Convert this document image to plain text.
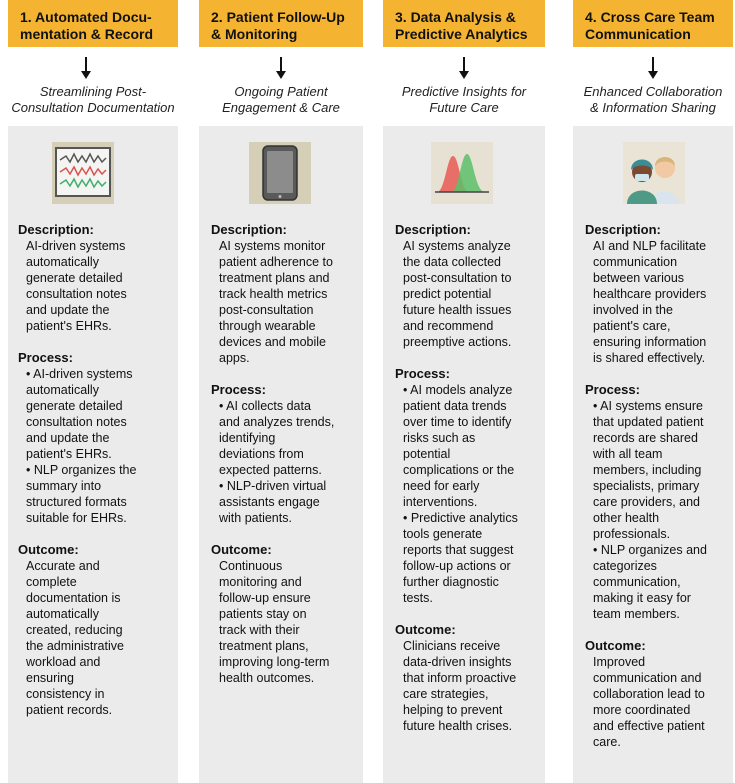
1. Automated Docu-
mentation & Record
Streamlining Post-
Consultation Documentation
Description:
AI-driven systems
automatically
generate detailed
consultation notes
and update the
patient's EHRs.
Process:
• AI-driven systems
automatically
generate detailed
consultation notes
and update the
patient's EHRs.
• NLP organizes the
summary into
structured formats
suitable for EHRs.
Outcome:
Accurate and
complete
documentation is
automatically
created, reducing
the administrative
workload and
ensuring
consistency in
patient records.
2. Patient Follow-Up
& Monitoring
Ongoing Patient
Engagement & Care
Description:
AI systems monitor
patient adherence to
treatment plans and
track health metrics
post-consultation
through wearable
devices and mobile
apps.
Process:
• AI collects data
and analyzes trends,
identifying
deviations from
expected patterns.
• NLP-driven virtual
assistants engage
with patients.
Outcome:
Continuous
monitoring and
follow-up ensure
patients stay on
track with their
treatment plans,
improving long-term
health outcomes.
3. Data Analysis &
Predictive Analytics
Predictive Insights for
Future Care
Description:
AI systems analyze
the data collected
post-consultation to
predict potential
future health issues
and recommend
preemptive actions.
Process:
• AI models analyze
patient data trends
over time to identify
risks such as
potential
complications or the
need for early
interventions.
• Predictive analytics
tools generate
reports that suggest
follow-up actions or
further diagnostic
tests.
Outcome:
Clinicians receive
data-driven insights
that inform proactive
care strategies,
helping to prevent
future health crises.
4. Cross Care Team
Communication
Enhanced Collaboration
& Information Sharing
Description:
AI and NLP facilitate
communication
between various
healthcare providers
involved in the
patient's care,
ensuring information
is shared effectively.
Process:
• AI systems ensure
that updated patient
records are shared
with all team
members, including
specialists, primary
care providers, and
other health
professionals.
• NLP organizes and
categorizes
communication,
making it easy for
team members.
Outcome:
Improved
communication and
collaboration lead to
more coordinated
and effective patient
care.
